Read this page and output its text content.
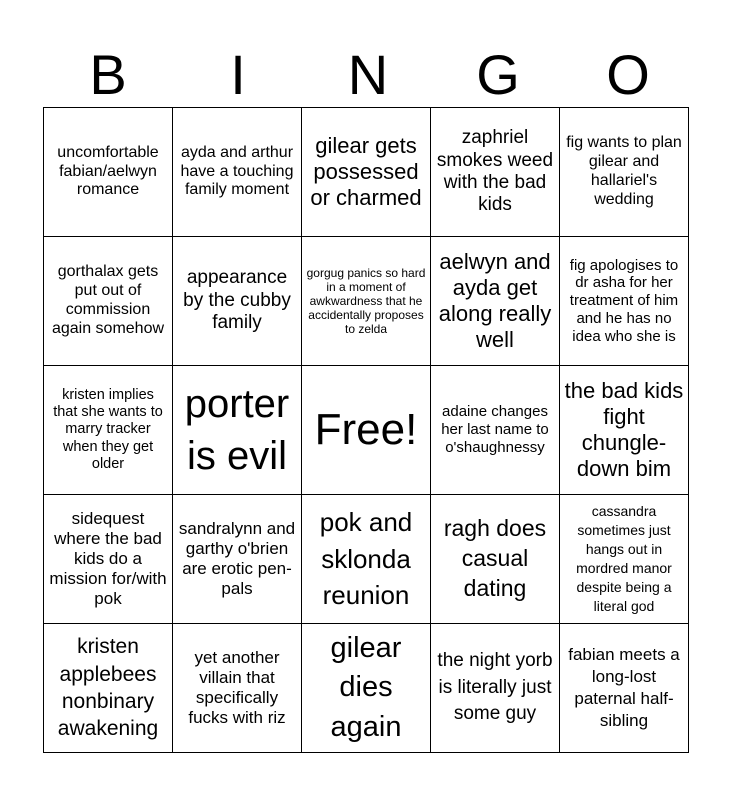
B	I	N	G	O
uncomfortable fabian/aelwyn romance	ayda and arthur have a touching family moment	gilear gets possessed or charmed	zaphriel smokes weed with the bad kids	fig wants to plan gilear and hallariel's wedding
gorthalax gets put out of commission again somehow	appearance by the cubby family	gorgug panics so hard in a moment of awkwardness that he accidentally proposes to zelda	aelwyn and ayda get along really well	fig apologises to dr asha for her treatment of him and he has no idea who she is
kristen implies that she wants to marry tracker when they get older	porter is evil	Free!	adaine changes her last name to o'shaughnessy	the bad kids fight chungle-down bim
sidequest where the bad kids do a mission for/with pok	sandralynn and garthy o'brien are erotic pen-pals	pok and sklonda reunion	ragh does casual dating	cassandra sometimes just hangs out in mordred manor despite being a literal god
kristen applebees nonbinary awakening	yet another villain that specifically fucks with riz	gilear dies again	the night yorb is literally just some guy	fabian meets a long-lost paternal half-sibling
